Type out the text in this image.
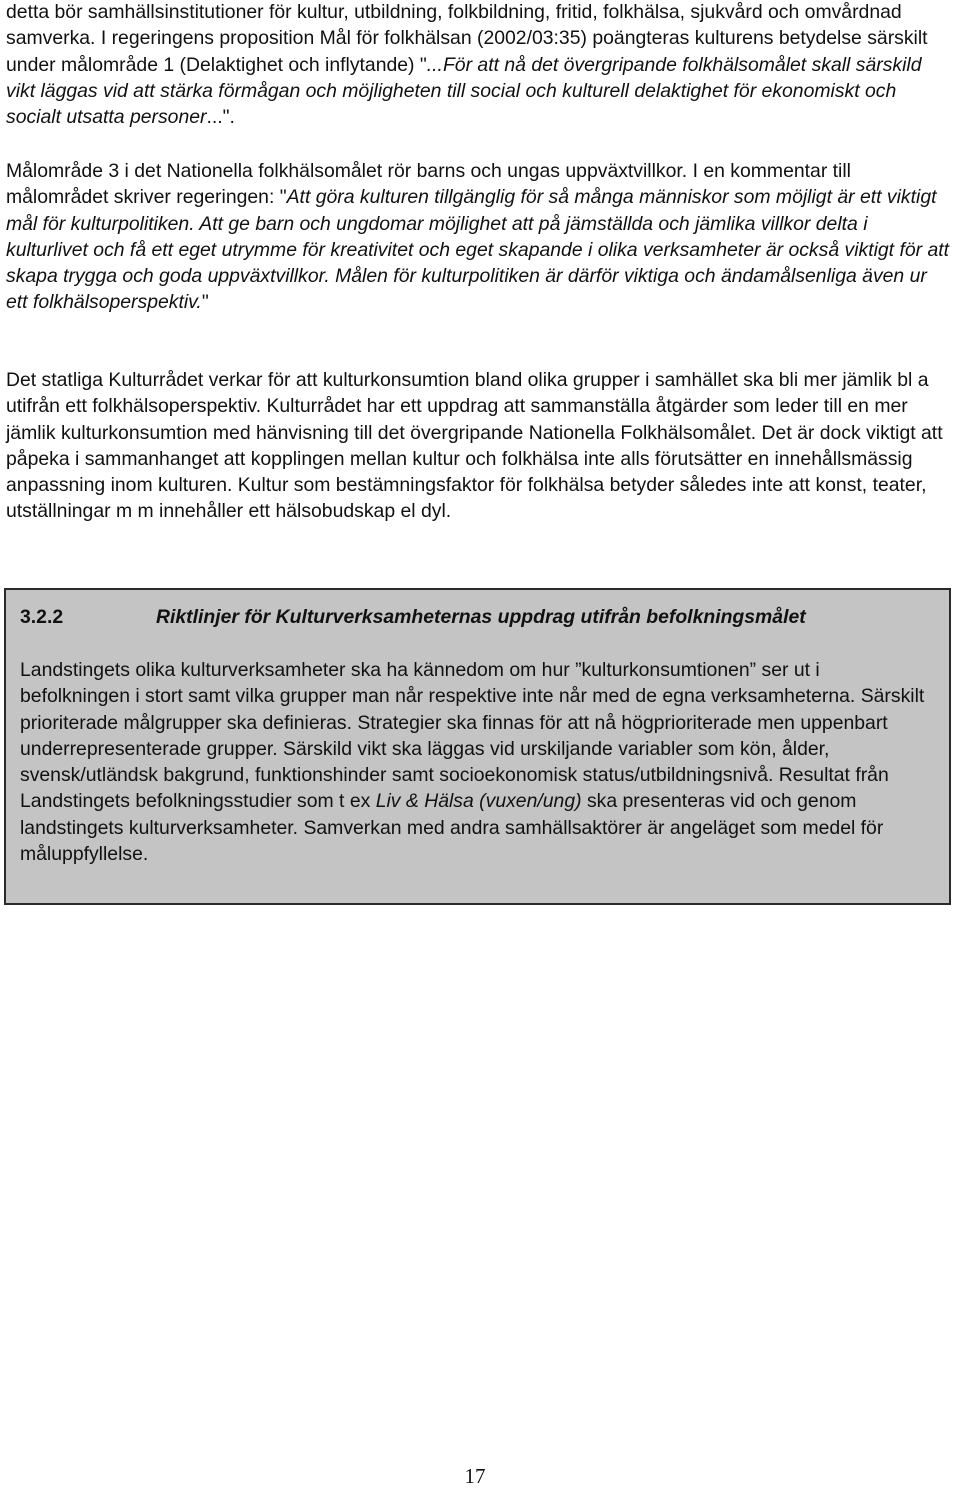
detta bör samhällsinstitutioner för kultur, utbildning, folkbildning, fritid, folkhälsa, sjukvård och omvårdnad samverka. I regeringens proposition Mål för folkhälsan (2002/03:35) poängteras kulturens betydelse särskilt under målområde 1 (Delaktighet och inflytande) "...För att nå det övergripande folkhälsomålet skall särskild vikt läggas vid att stärka förmågan och möjligheten till social och kulturell delaktighet för ekonomiskt och socialt utsatta personer...".

Målområde 3 i det Nationella folkhälsomålet rör barns och ungas uppväxtvillkor. I en kommentar till målområdet skriver regeringen: "Att göra kulturen tillgänglig för så många människor som möjligt är ett viktigt mål för kulturpolitiken. Att ge barn och ungdomar möjlighet att på jämställda och jämlika villkor delta i kulturlivet och få ett eget utrymme för kreativitet och eget skapande i olika verksamheter är också viktigt för att skapa trygga och goda uppväxtvillkor. Målen för kulturpolitiken är därför viktiga och ändamålsenliga även ur ett folkhälsoperspektiv."

Det statliga Kulturrådet verkar för att kulturkonsumtion bland olika grupper i samhället ska bli mer jämlik bl a utifrån ett folkhälsoperspektiv. Kulturrådet har ett uppdrag att sammanställa åtgärder som leder till en mer jämlik kulturkonsumtion med hänvisning till det övergripande Nationella Folkhälsomålet. Det är dock viktigt att påpeka i sammanhanget att kopplingen mellan kultur och folkhälsa inte alls förutsätter en innehållsmässig anpassning inom kulturen. Kultur som bestämningsfaktor för folkhälsa betyder således inte att konst, teater, utställningar m m innehåller ett hälsobudskap el dyl.

3.2.2	Riktlinjer för Kulturverksamheternas uppdrag utifrån befolkningsmålet

Landstingets olika kulturverksamheter ska ha kännedom om hur ”kulturkonsumtionen” ser ut i befolkningen i stort samt vilka grupper man når respektive inte når med de egna verksamheterna. Särskilt prioriterade målgrupper ska definieras. Strategier ska finnas för att nå högprioriterade men uppenbart underrepresenterade grupper. Särskild vikt ska läggas vid urskiljande variabler som kön, ålder, svensk/utländsk bakgrund, funktionshinder samt socioekonomisk status/utbildningsnivå. Resultat från Landstingets befolkningsstudier som t ex Liv & Hälsa (vuxen/ung) ska presenteras vid och genom landstingets kulturverksamheter. Samverkan med andra samhällsaktörer är angeläget som medel för måluppfyllelse.

17
